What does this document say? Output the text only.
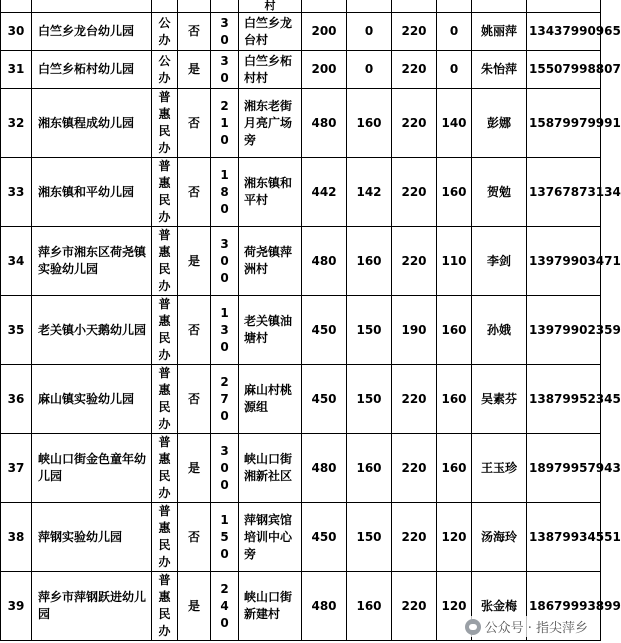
					村						
30	白竺乡龙台幼儿园	公办	否	30	白竺乡龙台村	200	0	220	0	姚丽萍	13437990965
31	白竺乡柘村幼儿园	公办	是	30	白竺乡柘村村	200	0	220	0	朱怡萍	15507998807
32	湘东镇程成幼儿园	普惠民办	否	210	湘东老街月亮广场旁	480	160	220	140	彭娜	15879979991
33	湘东镇和平幼儿园	普惠民办	否	180	湘东镇和平村	442	142	220	160	贺勉	13767873134
34	萍乡市湘东区荷尧镇实验幼儿园	普惠民办	是	300	荷尧镇萍洲村	480	160	220	110	李剑	13979903471
35	老关镇小天鹅幼儿园	普惠民办	否	130	老关镇油塘村	450	150	190	160	孙娥	13979902359
36	麻山镇实验幼儿园	普惠民办	否	270	麻山村桃源组	450	150	220	160	吴素芬	13879952345
37	峡山口街金色童年幼儿园	普惠民办	是	300	峡山口街湘新社区	480	160	220	160	王玉珍	18979957943
38	萍钢实验幼儿园	普惠民办	否	150	萍钢宾馆培训中心旁	450	150	220	120	汤海玲	13879934551
39	萍乡市萍钢跃进幼儿园	普惠民办	是	240	峡山口街新建村	480	160	220	120	张金梅	18679993899
公众号 · 指尖萍乡
